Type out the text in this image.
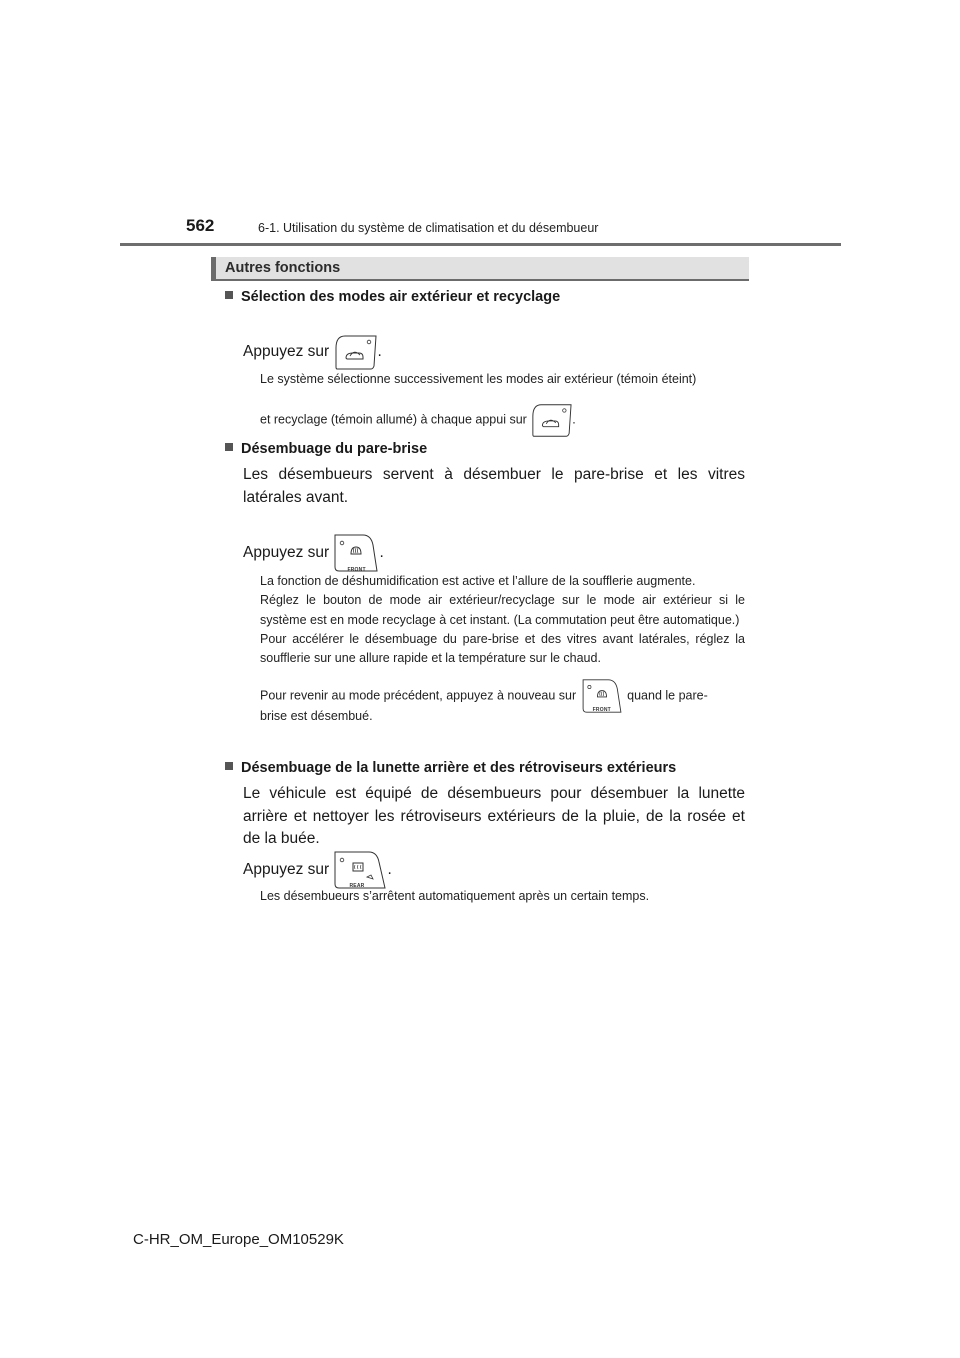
562	6-1. Utilisation du système de climatisation et du désembueur
Autres fonctions
Sélection des modes air extérieur et recyclage
Appuyez sur	.
Le système sélectionne successivement les modes air extérieur (témoin éteint)
et recyclage (témoin allumé) à chaque appui sur	.
Désembuage du pare-brise
Les désembueurs servent à désembuer le pare-brise et les vitres latérales avant.
Appuyez sur
FRONT
.
La fonction de déshumidification est active et l’allure de la soufflerie augmente.
Réglez le bouton de mode air extérieur/recyclage sur le mode air extérieur si le système est en mode recyclage à cet instant. (La commutation peut être automatique.)
Pour accélérer le désembuage du pare-brise et des vitres avant latérales, réglez la soufflerie sur une allure rapide et la température sur le chaud.
Pour revenir au mode précédent, appuyez à nouveau sur
FRONT
quand le pare-
brise est désembué.
Désembuage de la lunette arrière et des rétroviseurs extérieurs
Le véhicule est équipé de désembueurs pour désembuer la lunette arrière et nettoyer les rétroviseurs extérieurs de la pluie, de la rosée et de la buée.
Appuyez sur
REAR
.
Les désembueurs s’arrêtent automatiquement après un certain temps.
C-HR_OM_Europe_OM10529K
